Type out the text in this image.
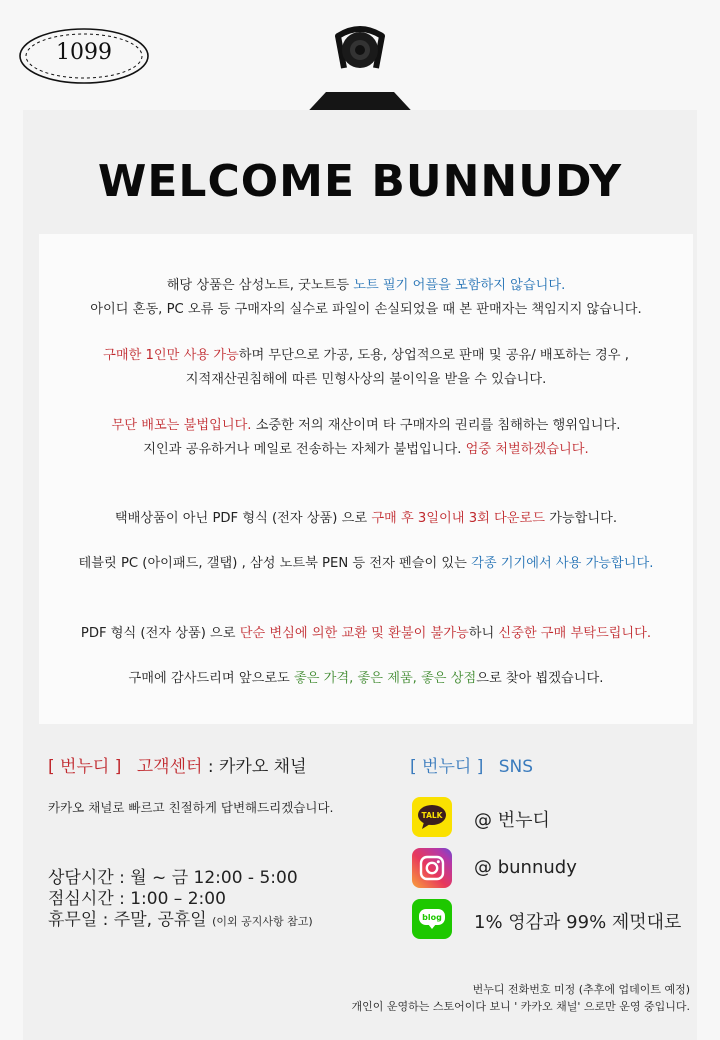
1099
WELCOME BUNNUDY
해당 상품은 삼성노트, 굿노트등 노트 필기 어플을 포함하지 않습니다.
아이디 혼동, PC 오류 등 구매자의 실수로 파일이 손실되었을 때 본 판매자는 책임지지 않습니다.
구매한 1인만 사용 가능하며 무단으로 가공, 도용, 상업적으로 판매 및 공유/ 배포하는 경우 ,
지적재산권침해에 따른 민형사상의 불이익을 받을 수 있습니다.
무단 배포는 불법입니다. 소중한 저의 재산이며 타 구매자의 권리를 침해하는 행위입니다.
지인과 공유하거나 메일로 전송하는 자체가 불법입니다. 엄중 처벌하겠습니다.
택배상품이 아닌 PDF 형식 (전자 상품) 으로 구매 후 3일이내 3회 다운로드 가능합니다.
테블릿 PC (아이패드, 갤탭) , 삼성 노트북 PEN 등 전자 펜슬이 있는 각종 기기에서 사용 가능합니다.
PDF 형식 (전자 상품) 으로 단순 변심에 의한 교환 및 환불이 불가능하니 신중한 구매 부탁드립니다.
구매에 감사드리며 앞으로도 좋은 가격, 좋은 제품, 좋은 상점으로 찾아 뵙겠습니다.
[ 번누디 ] 고객센터 : 카카오 채널
카카오 채널로 빠르고 친절하게 답변해드리겠습니다.
상담시간 : 월 ~ 금 12:00 - 5:00
점심시간 : 1:00 – 2:00
휴무일 : 주말, 공휴일 (이외 공지사항 참고)
[ 번누디 ] SNS
TALK @ 번누디
@ bunnudy
blog 1% 영감과 99% 제멋대로
번누디 전화번호 미정 (추후에 업데이트 예정)
개인이 운영하는 스토어이다 보니 ' 카카오 채널' 으로만 운영 중입니다.
